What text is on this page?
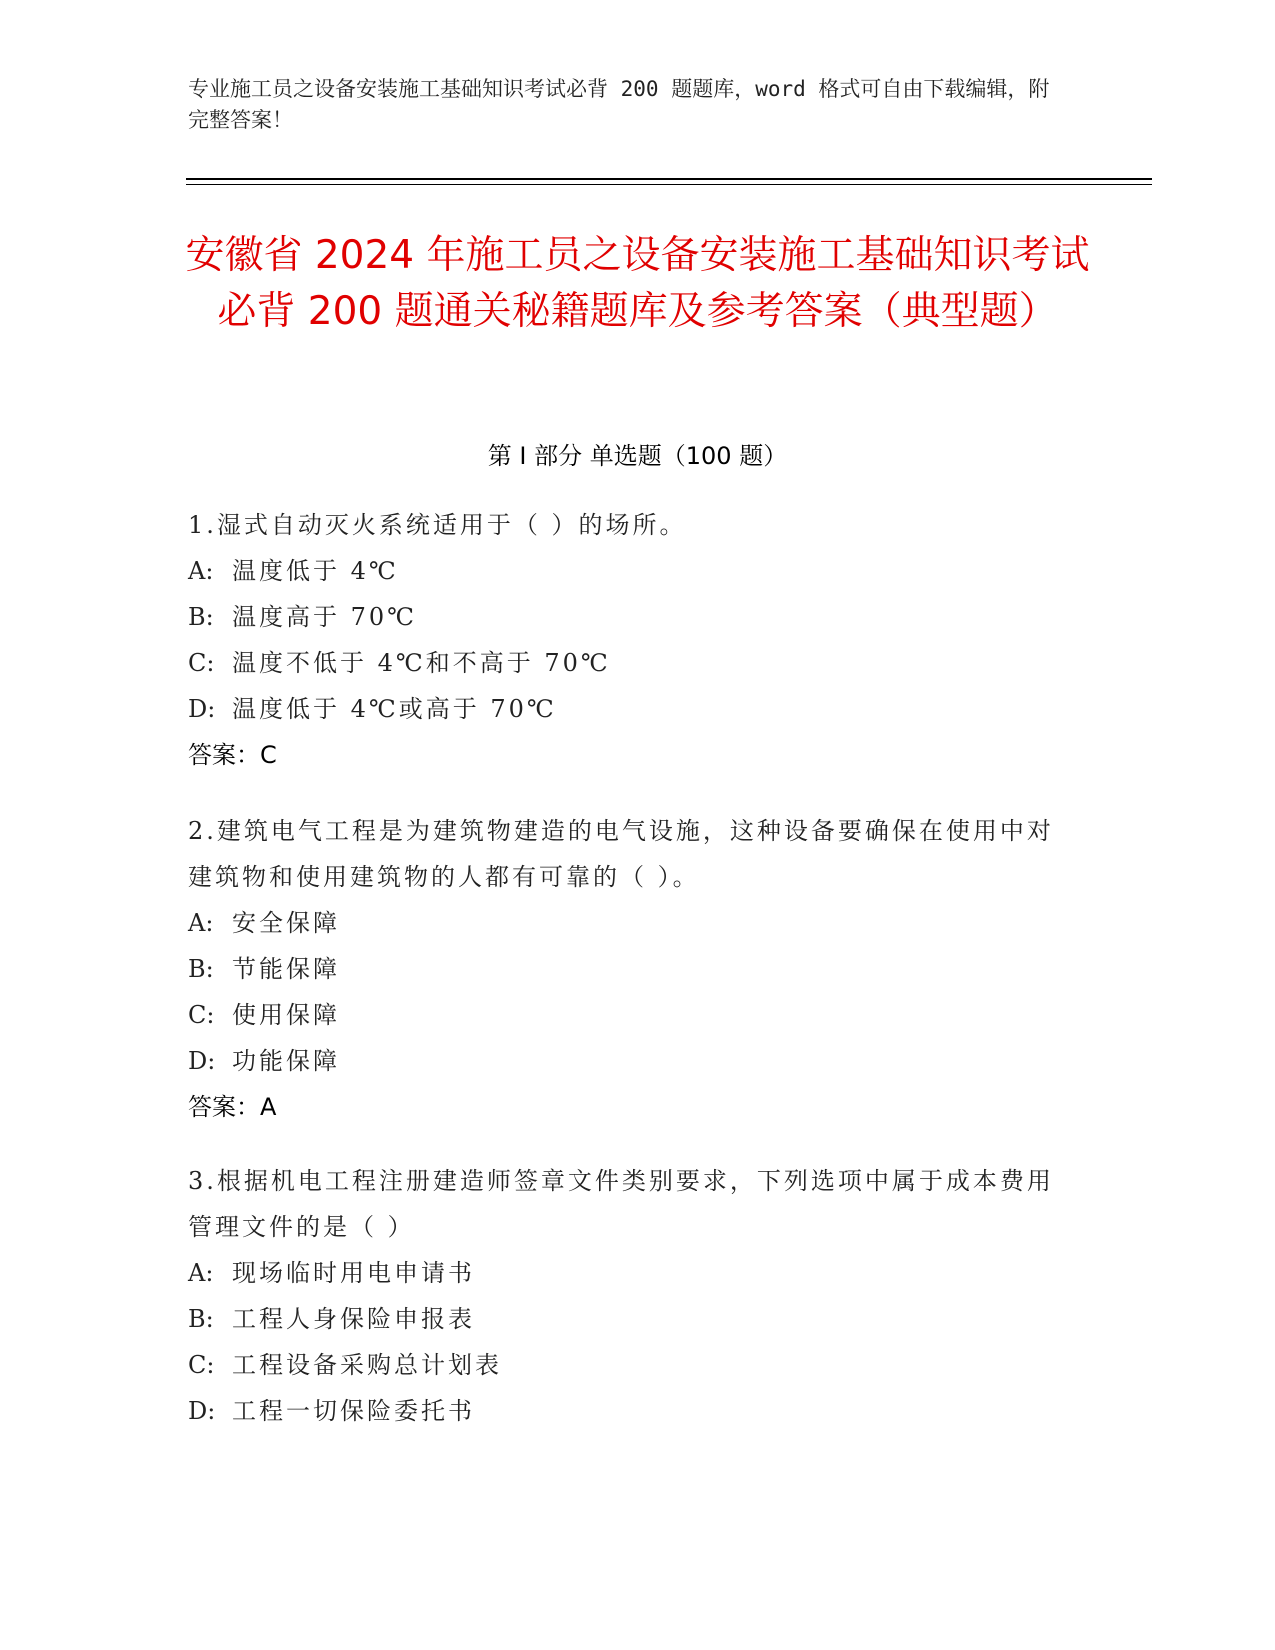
专业施工员之设备安装施工基础知识考试必背 200 题题库，word 格式可自由下载编辑，附完整答案！
安徽省 2024 年施工员之设备安装施工基础知识考试必背 200 题通关秘籍题库及参考答案（典型题）
第 I 部分 单选题（100 题）
1.湿式自动灭火系统适用于（ ）的场所。
A: 温度低于 4℃
B: 温度高于 70℃
C: 温度不低于 4℃和不高于 70℃
D: 温度低于 4℃或高于 70℃
答案：C
2.建筑电气工程是为建筑物建造的电气设施，这种设备要确保在使用中对建筑物和使用建筑物的人都有可靠的（ ）。
A: 安全保障
B: 节能保障
C: 使用保障
D: 功能保障
答案：A
3.根据机电工程注册建造师签章文件类别要求，下列选项中属于成本费用管理文件的是（ ）
A: 现场临时用电申请书
B: 工程人身保险申报表
C: 工程设备采购总计划表
D: 工程一切保险委托书
